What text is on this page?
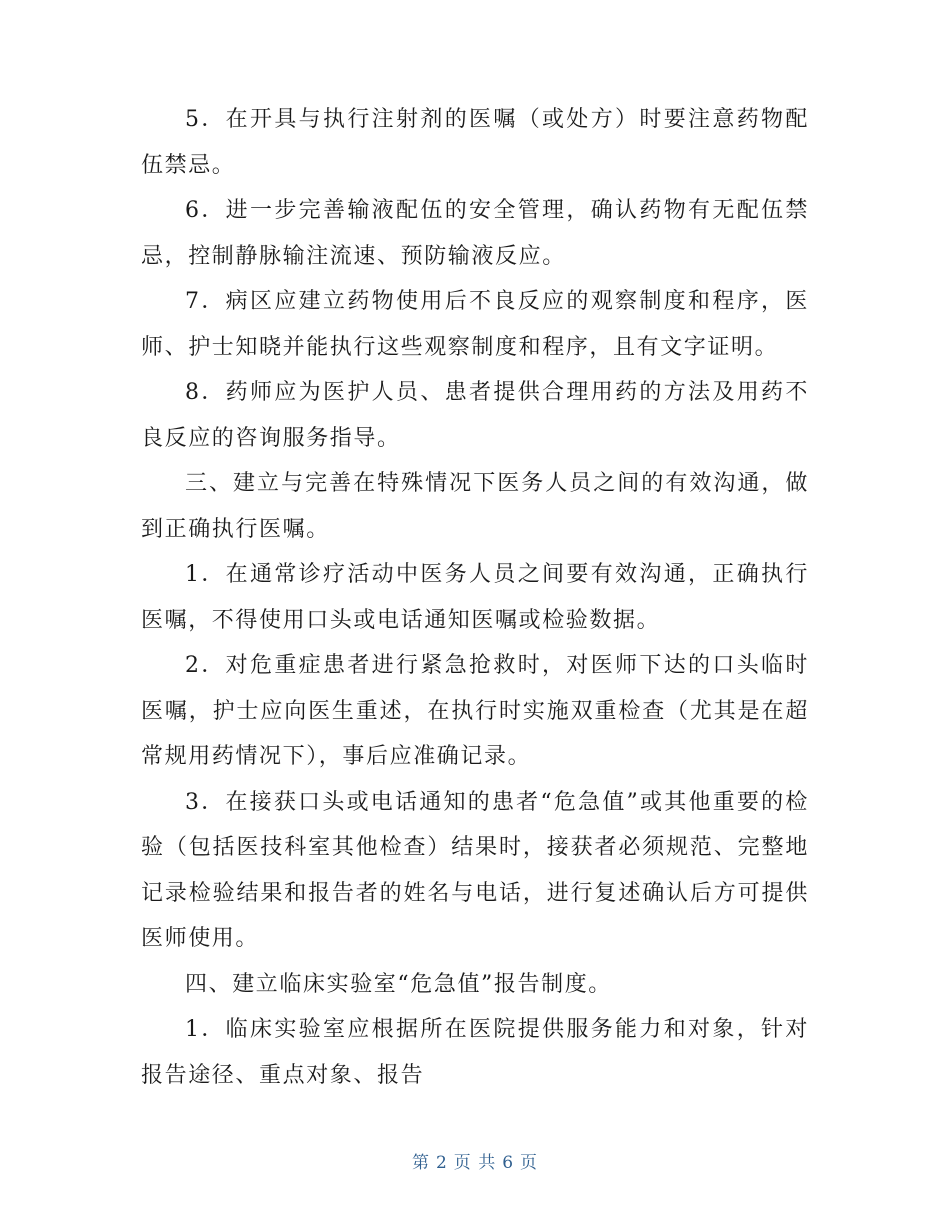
5．在开具与执行注射剂的医嘱（或处方）时要注意药物配伍禁忌。

6．进一步完善输液配伍的安全管理，确认药物有无配伍禁忌，控制静脉输注流速、预防输液反应。

7．病区应建立药物使用后不良反应的观察制度和程序，医师、护士知晓并能执行这些观察制度和程序，且有文字证明。

8．药师应为医护人员、患者提供合理用药的方法及用药不良反应的咨询服务指导。

三、建立与完善在特殊情况下医务人员之间的有效沟通，做到正确执行医嘱。

1．在通常诊疗活动中医务人员之间要有效沟通，正确执行医嘱，不得使用口头或电话通知医嘱或检验数据。

2．对危重症患者进行紧急抢救时，对医师下达的口头临时医嘱，护士应向医生重述，在执行时实施双重检查（尤其是在超常规用药情况下），事后应准确记录。

3．在接获口头或电话通知的患者“危急值”或其他重要的检验（包括医技科室其他检查）结果时，接获者必须规范、完整地记录检验结果和报告者的姓名与电话，进行复述确认后方可提供医师使用。

四、建立临床实验室“危急值”报告制度。

1．临床实验室应根据所在医院提供服务能力和对象，针对报告途径、重点对象、报告

第 2 页 共 6 页
